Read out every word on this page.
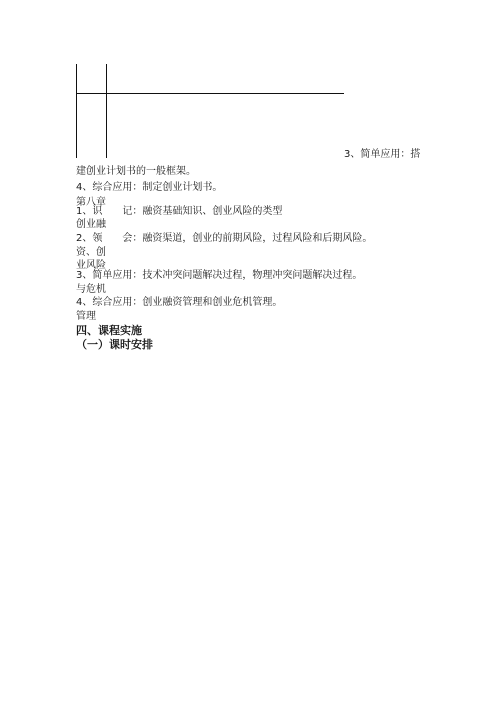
3、简单应用：搭
建创业计划书的一般框架。
4、综合应用：制定创业计划书。
第八章
1、识　　记：融资基础知识、创业风险的类型
创业融
2、领　　会：融资渠道，创业的前期风险，过程风险和后期风险。
资、创
业风险
3、简单应用：技术冲突问题解决过程，物理冲突问题解决过程。
与危机
4、综合应用：创业融资管理和创业危机管理。
管理
四、课程实施
（一）课时安排
